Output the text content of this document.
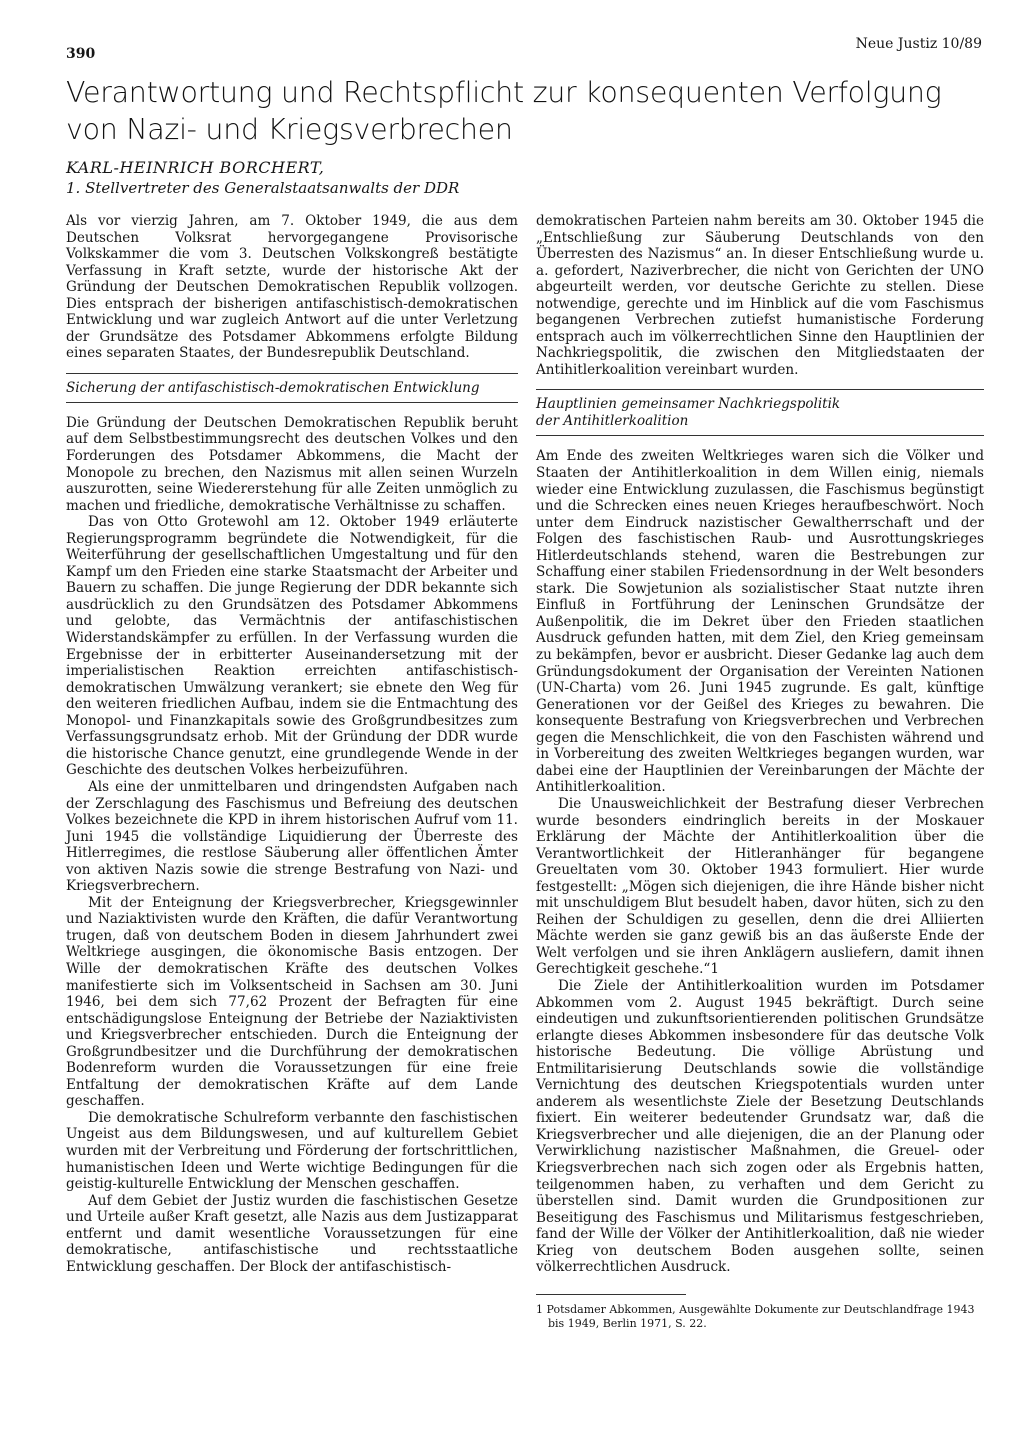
390
Neue Justiz 10/89
Verantwortung und Rechtspflicht zur konsequenten Verfolgung
von Nazi- und Kriegsverbrechen
KARL-HEINRICH BORCHERT,
1. Stellvertreter des Generalstaatsanwalts der DDR

Als vor vierzig Jahren, am 7. Oktober 1949, die aus dem Deutschen Volksrat hervorgegangene Provisorische Volkskammer die vom 3. Deutschen Volkskongreß bestätigte Verfassung in Kraft setzte, wurde der historische Akt der Gründung der Deutschen Demokratischen Republik vollzogen. Dies entsprach der bisherigen antifaschistisch-demokratischen Entwicklung und war zugleich Antwort auf die unter Verletzung der Grundsätze des Potsdamer Abkommens erfolgte Bildung eines separaten Staates, der Bundesrepublik Deutschland.

Sicherung der antifaschistisch-demokratischen Entwicklung

Die Gründung der Deutschen Demokratischen Republik beruht auf dem Selbstbestimmungsrecht des deutschen Volkes und den Forderungen des Potsdamer Abkommens, die Macht der Monopole zu brechen, den Nazismus mit allen seinen Wurzeln auszurotten, seine Wiedererstehung für alle Zeiten unmöglich zu machen und friedliche, demokratische Verhältnisse zu schaffen.

Das von Otto Grotewohl am 12. Oktober 1949 erläuterte Regierungsprogramm begründete die Notwendigkeit, für die Weiterführung der gesellschaftlichen Umgestaltung und für den Kampf um den Frieden eine starke Staatsmacht der Arbeiter und Bauern zu schaffen. Die junge Regierung der DDR bekannte sich ausdrücklich zu den Grundsätzen des Potsdamer Abkommens und gelobte, das Vermächtnis der antifaschistischen Widerstandskämpfer zu erfüllen. In der Verfassung wurden die Ergebnisse der in erbitterter Auseinandersetzung mit der imperialistischen Reaktion erreichten antifaschistisch-demokratischen Umwälzung verankert; sie ebnete den Weg für den weiteren friedlichen Aufbau, indem sie die Entmachtung des Monopol- und Finanzkapitals sowie des Großgrundbesitzes zum Verfassungsgrundsatz erhob. Mit der Gründung der DDR wurde die historische Chance genutzt, eine grundlegende Wende in der Geschichte des deutschen Volkes herbeizuführen.

Als eine der unmittelbaren und dringendsten Aufgaben nach der Zerschlagung des Faschismus und Befreiung des deutschen Volkes bezeichnete die KPD in ihrem historischen Aufruf vom 11. Juni 1945 die vollständige Liquidierung der Überreste des Hitlerregimes, die restlose Säuberung aller öffentlichen Ämter von aktiven Nazis sowie die strenge Bestrafung von Nazi- und Kriegsverbrechern.

Mit der Enteignung der Kriegsverbrecher, Kriegsgewinnler und Naziaktivisten wurde den Kräften, die dafür Verantwortung trugen, daß von deutschem Boden in diesem Jahrhundert zwei Weltkriege ausgingen, die ökonomische Basis entzogen. Der Wille der demokratischen Kräfte des deutschen Volkes manifestierte sich im Volksentscheid in Sachsen am 30. Juni 1946, bei dem sich 77,62 Prozent der Befragten für eine entschädigungslose Enteignung der Betriebe der Naziaktivisten und Kriegsverbrecher entschieden. Durch die Enteignung der Großgrundbesitzer und die Durchführung der demokratischen Bodenreform wurden die Voraussetzungen für eine freie Entfaltung der demokratischen Kräfte auf dem Lande geschaffen.

Die demokratische Schulreform verbannte den faschistischen Ungeist aus dem Bildungswesen, und auf kulturellem Gebiet wurden mit der Verbreitung und Förderung der fortschrittlichen, humanistischen Ideen und Werte wichtige Bedingungen für die geistig-kulturelle Entwicklung der Menschen geschaffen.

Auf dem Gebiet der Justiz wurden die faschistischen Gesetze und Urteile außer Kraft gesetzt, alle Nazis aus dem Justizapparat entfernt und damit wesentliche Voraussetzungen für eine demokratische, antifaschistische und rechtsstaatliche Entwicklung geschaffen. Der Block der antifaschistisch-

demokratischen Parteien nahm bereits am 30. Oktober 1945 die „Entschließung zur Säuberung Deutschlands von den Überresten des Nazismus“ an. In dieser Entschließung wurde u. a. gefordert, Naziverbrecher, die nicht von Gerichten der UNO abgeurteilt werden, vor deutsche Gerichte zu stellen. Diese notwendige, gerechte und im Hinblick auf die vom Faschismus begangenen Verbrechen zutiefst humanistische Forderung entsprach auch im völkerrechtlichen Sinne den Hauptlinien der Nachkriegspolitik, die zwischen den Mitgliedstaaten der Antihitlerkoalition vereinbart wurden.

Hauptlinien gemeinsamer Nachkriegspolitik
der Antihitlerkoalition

Am Ende des zweiten Weltkrieges waren sich die Völker und Staaten der Antihitlerkoalition in dem Willen einig, niemals wieder eine Entwicklung zuzulassen, die Faschismus begünstigt und die Schrecken eines neuen Krieges heraufbeschwört. Noch unter dem Eindruck nazistischer Gewaltherrschaft und der Folgen des faschistischen Raub- und Ausrottungskrieges Hitlerdeutschlands stehend, waren die Bestrebungen zur Schaffung einer stabilen Friedensordnung in der Welt besonders stark. Die Sowjetunion als sozialistischer Staat nutzte ihren Einfluß in Fortführung der Leninschen Grundsätze der Außenpolitik, die im Dekret über den Frieden staatlichen Ausdruck gefunden hatten, mit dem Ziel, den Krieg gemeinsam zu bekämpfen, bevor er ausbricht. Dieser Gedanke lag auch dem Gründungsdokument der Organisation der Vereinten Nationen (UN-Charta) vom 26. Juni 1945 zugrunde. Es galt, künftige Generationen vor der Geißel des Krieges zu bewahren. Die konsequente Bestrafung von Kriegsverbrechen und Verbrechen gegen die Menschlichkeit, die von den Faschisten während und in Vorbereitung des zweiten Weltkrieges begangen wurden, war dabei eine der Hauptlinien der Vereinbarungen der Mächte der Antihitlerkoalition.

Die Unausweichlichkeit der Bestrafung dieser Verbrechen wurde besonders eindringlich bereits in der Moskauer Erklärung der Mächte der Antihitlerkoalition über die Verantwortlichkeit der Hitleranhänger für begangene Greueltaten vom 30. Oktober 1943 formuliert. Hier wurde festgestellt: „Mögen sich diejenigen, die ihre Hände bisher nicht mit unschuldigem Blut besudelt haben, davor hüten, sich zu den Reihen der Schuldigen zu gesellen, denn die drei Alliierten Mächte werden sie ganz gewiß bis an das äußerste Ende der Welt verfolgen und sie ihren Anklägern ausliefern, damit ihnen Gerechtigkeit geschehe.“1

Die Ziele der Antihitlerkoalition wurden im Potsdamer Abkommen vom 2. August 1945 bekräftigt. Durch seine eindeutigen und zukunftsorientierenden politischen Grundsätze erlangte dieses Abkommen insbesondere für das deutsche Volk historische Bedeutung. Die völlige Abrüstung und Entmilitarisierung Deutschlands sowie die vollständige Vernichtung des deutschen Kriegspotentials wurden unter anderem als wesentlichste Ziele der Besetzung Deutschlands fixiert. Ein weiterer bedeutender Grundsatz war, daß die Kriegsverbrecher und alle diejenigen, die an der Planung oder Verwirklichung nazistischer Maßnahmen, die Greuel- oder Kriegsverbrechen nach sich zogen oder als Ergebnis hatten, teilgenommen haben, zu verhaften und dem Gericht zu überstellen sind. Damit wurden die Grundpositionen zur Beseitigung des Faschismus und Militarismus festgeschrieben, fand der Wille der Völker der Antihitlerkoalition, daß nie wieder Krieg von deutschem Boden ausgehen sollte, seinen völkerrechtlichen Ausdruck.

1 Potsdamer Abkommen, Ausgewählte Dokumente zur Deutschlandfrage 1943 bis 1949, Berlin 1971, S. 22.
